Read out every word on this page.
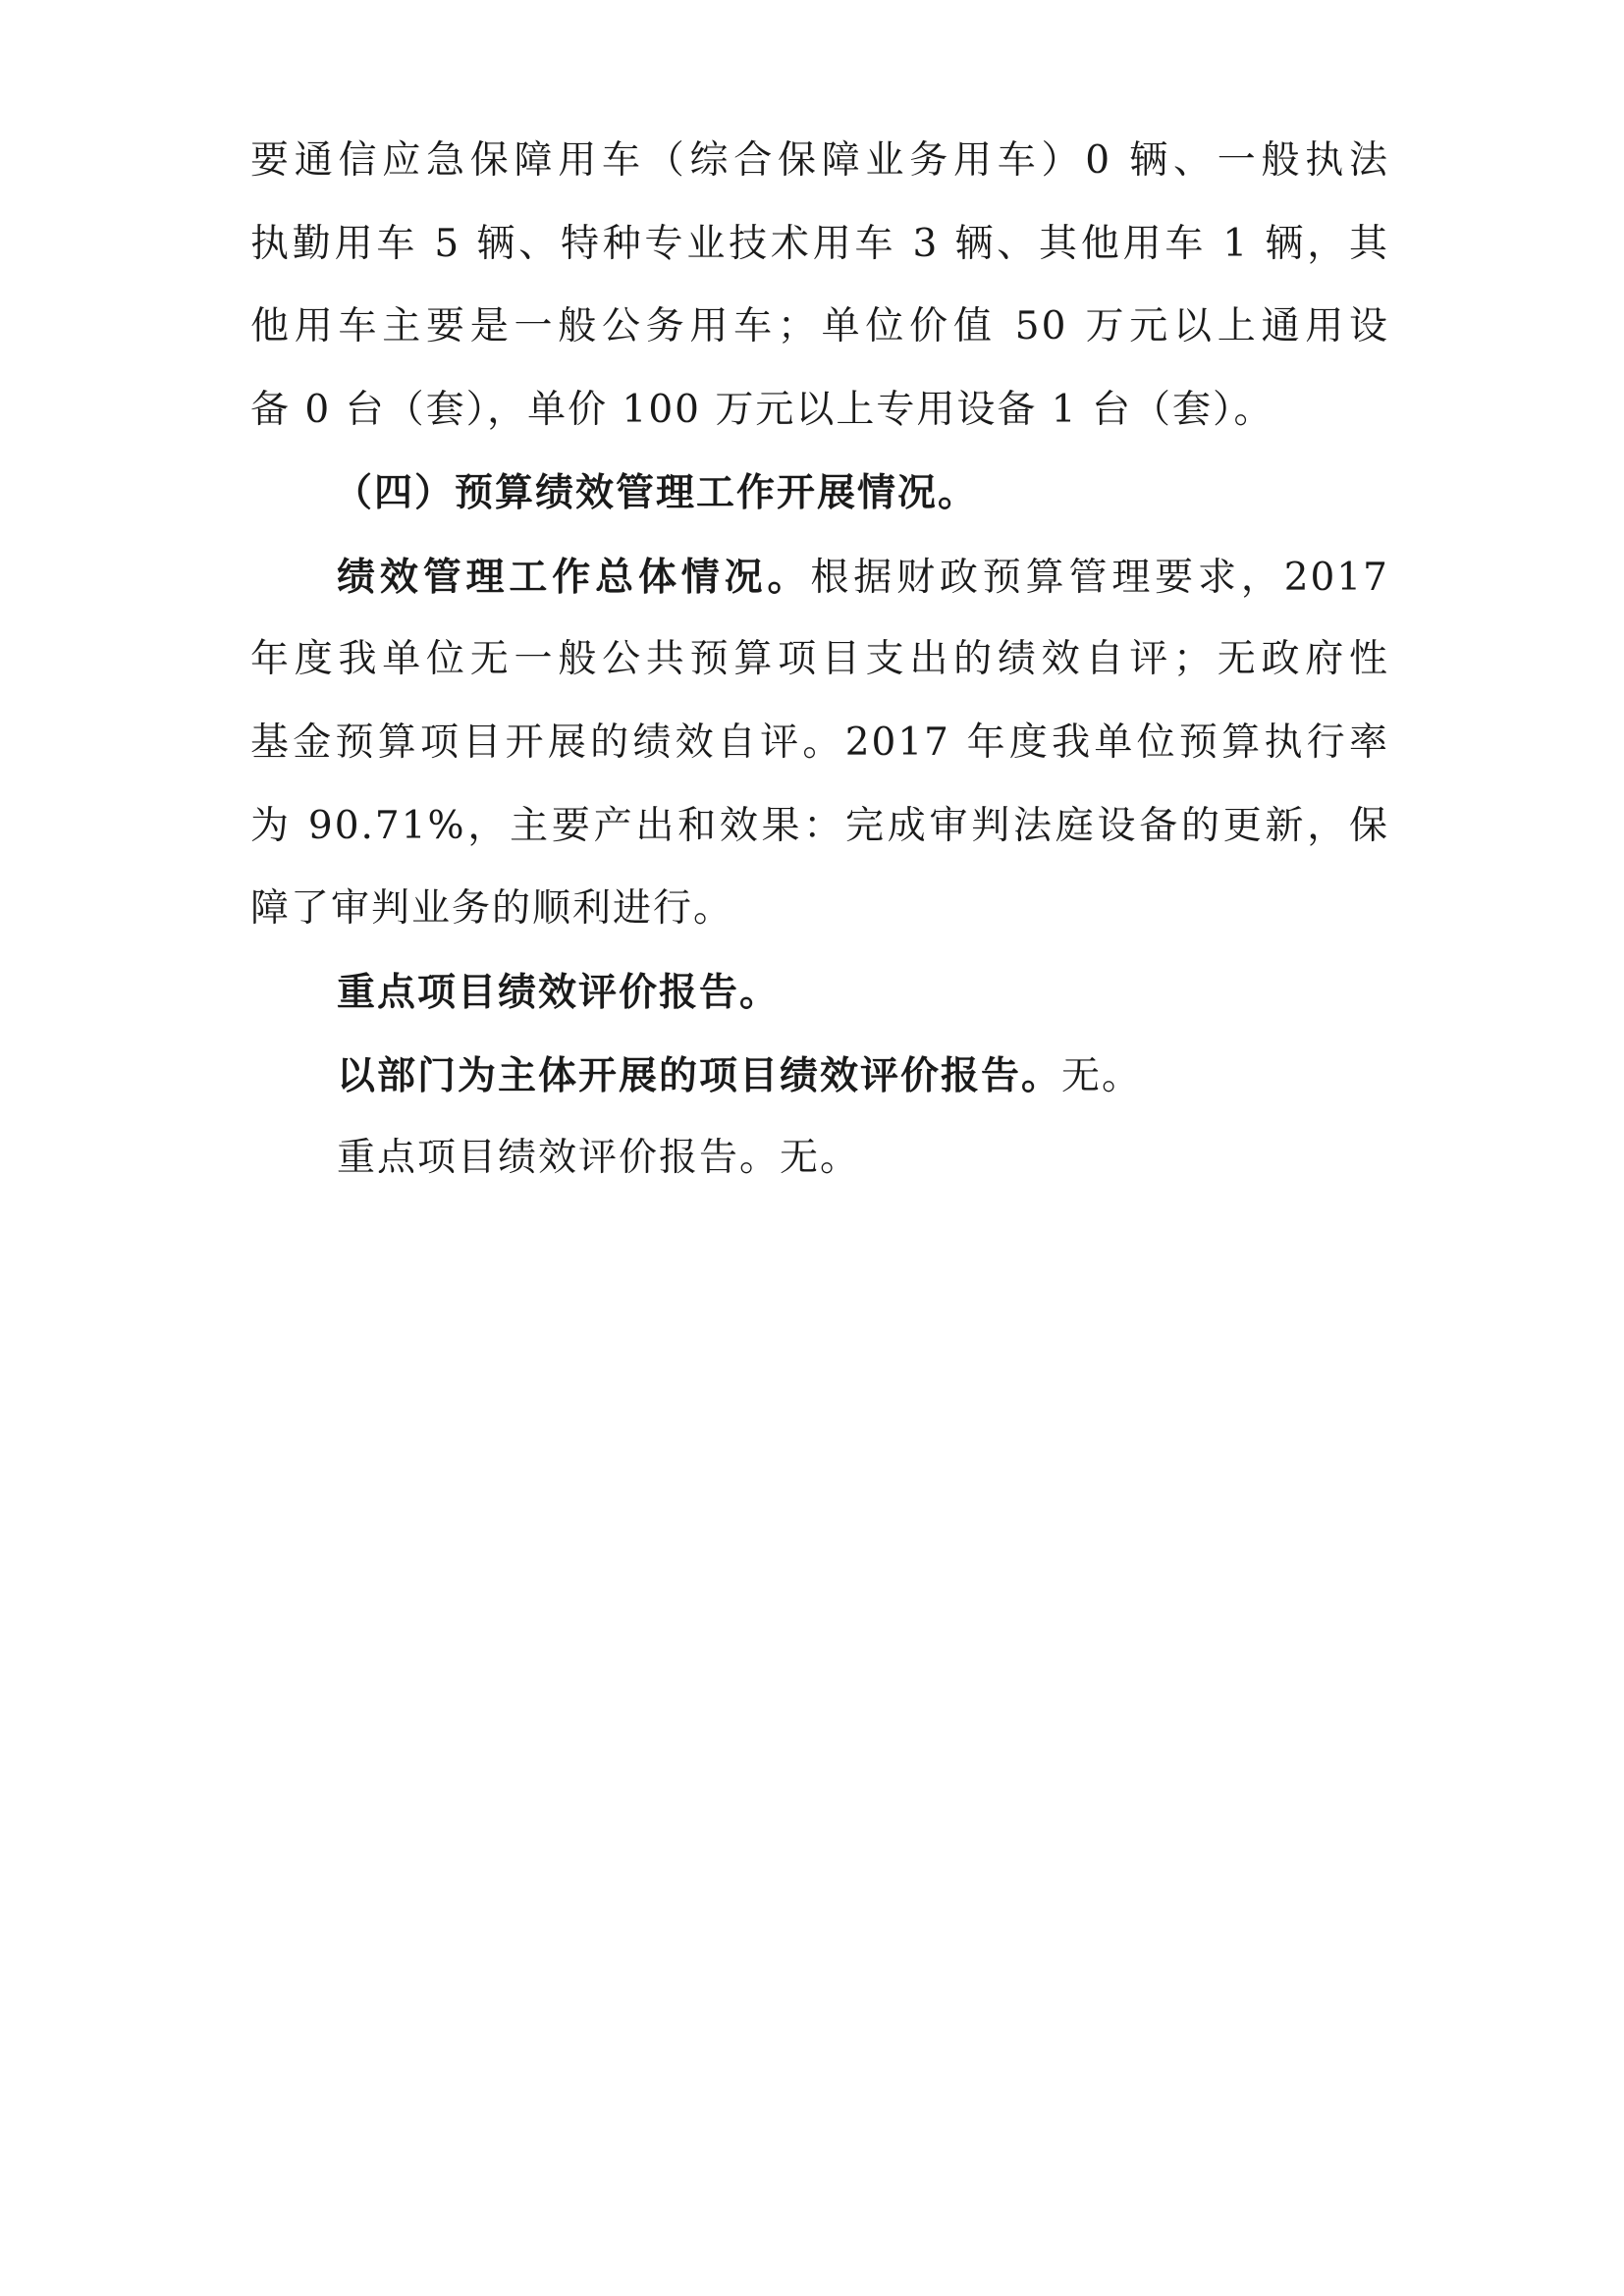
要通信应急保障用车（综合保障业务用车）0 辆、一般执法
执勤用车 5 辆、特种专业技术用车 3 辆、其他用车 1 辆，其
他用车主要是一般公务用车；单位价值 50 万元以上通用设
备 0 台（套），单价 100 万元以上专用设备 1 台（套）。
（四）预算绩效管理工作开展情况。
绩效管理工作总体情况。根据财政预算管理要求，2017
年度我单位无一般公共预算项目支出的绩效自评；无政府性
基金预算项目开展的绩效自评。2017 年度我单位预算执行率
为 90.71%，主要产出和效果：完成审判法庭设备的更新，保
障了审判业务的顺利进行。
重点项目绩效评价报告。
以部门为主体开展的项目绩效评价报告。无。
重点项目绩效评价报告。无。
